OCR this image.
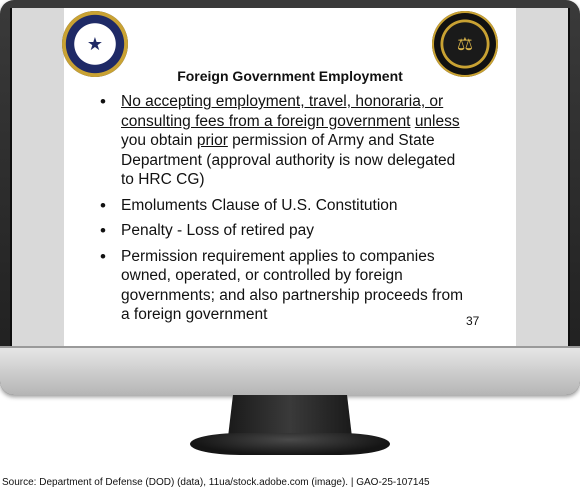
★	⚖
Foreign Government Employment
• No accepting employment, travel, honoraria, or consulting fees from a foreign government unless you obtain prior permission of Army and State Department (approval authority is now delegated to HRC CG)
• Emoluments Clause of U.S. Constitution
• Penalty - Loss of retired pay
• Permission requirement applies to companies owned, operated, or controlled by foreign governments; and also partnership proceeds from a foreign government	37
Source: Department of Defense (DOD) (data), 11ua/stock.adobe.com (image). | GAO-25-107145
